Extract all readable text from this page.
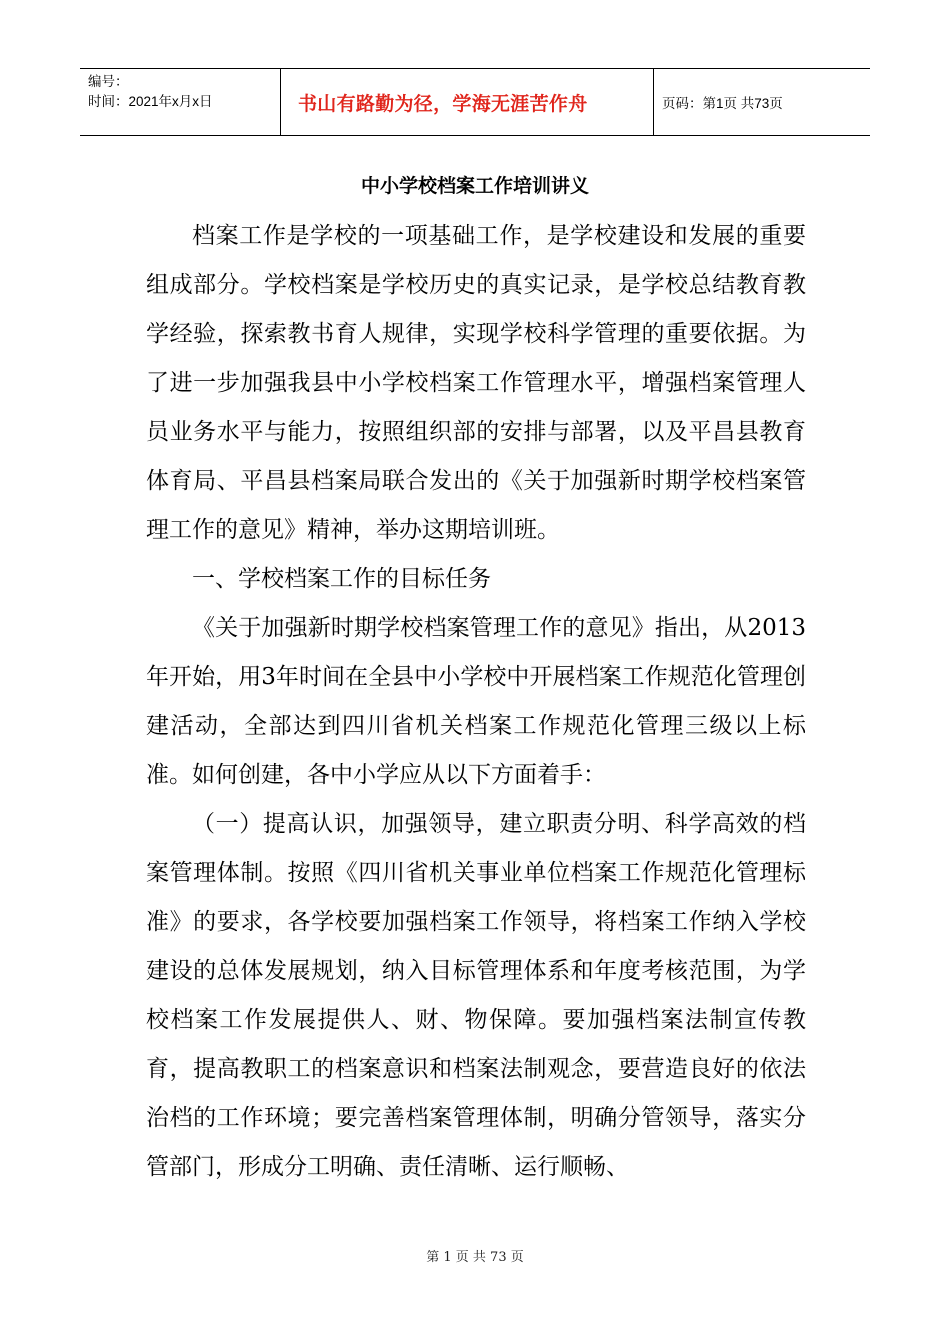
编号：
时间：2021年x月x日	书山有路勤为径，学海无涯苦作舟	页码：第1页 共73页
中小学校档案工作培训讲义

档案工作是学校的一项基础工作，是学校建设和发展的重要组成部分。学校档案是学校历史的真实记录，是学校总结教育教学经验，探索教书育人规律，实现学校科学管理的重要依据。为了进一步加强我县中小学校档案工作管理水平，增强档案管理人员业务水平与能力，按照组织部的安排与部署，以及平昌县教育体育局、平昌县档案局联合发出的《关于加强新时期学校档案管理工作的意见》精神，举办这期培训班。

一、学校档案工作的目标任务

《关于加强新时期学校档案管理工作的意见》指出，从2013年开始，用3年时间在全县中小学校中开展档案工作规范化管理创建活动，全部达到四川省机关档案工作规范化管理三级以上标准。如何创建，各中小学应从以下方面着手：

（一）提高认识，加强领导，建立职责分明、科学高效的档案管理体制。按照《四川省机关事业单位档案工作规范化管理标准》的要求，各学校要加强档案工作领导，将档案工作纳入学校建设的总体发展规划，纳入目标管理体系和年度考核范围，为学校档案工作发展提供人、财、物保障。要加强档案法制宣传教育，提高教职工的档案意识和档案法制观念，要营造良好的依法治档的工作环境；要完善档案管理体制，明确分管领导，落实分管部门，形成分工明确、责任清晰、运行顺畅、

第 1 页 共 73 页
